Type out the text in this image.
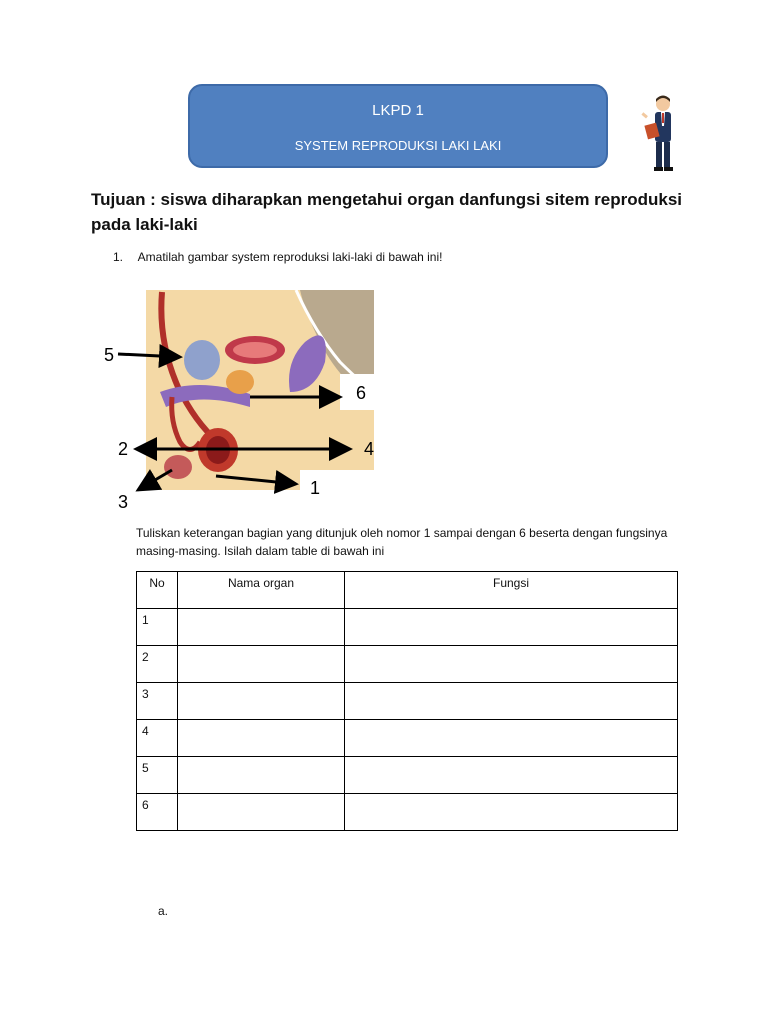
LKPD 1
SYSTEM REPRODUKSI LAKI LAKI
Tujuan : siswa diharapkan mengetahui organ danfungsi sitem reproduksi pada laki-laki
1. Amatilah gambar system reproduksi laki-laki di bawah ini!
5
6
2	4
3
1
Tuliskan keterangan bagian yang ditunjuk oleh nomor 1 sampai dengan 6 beserta dengan fungsinya masing-masing. Isilah dalam table di bawah ini
No	Nama organ	Fungsi
1		
2		
3		
4		
5		
6		
a.
